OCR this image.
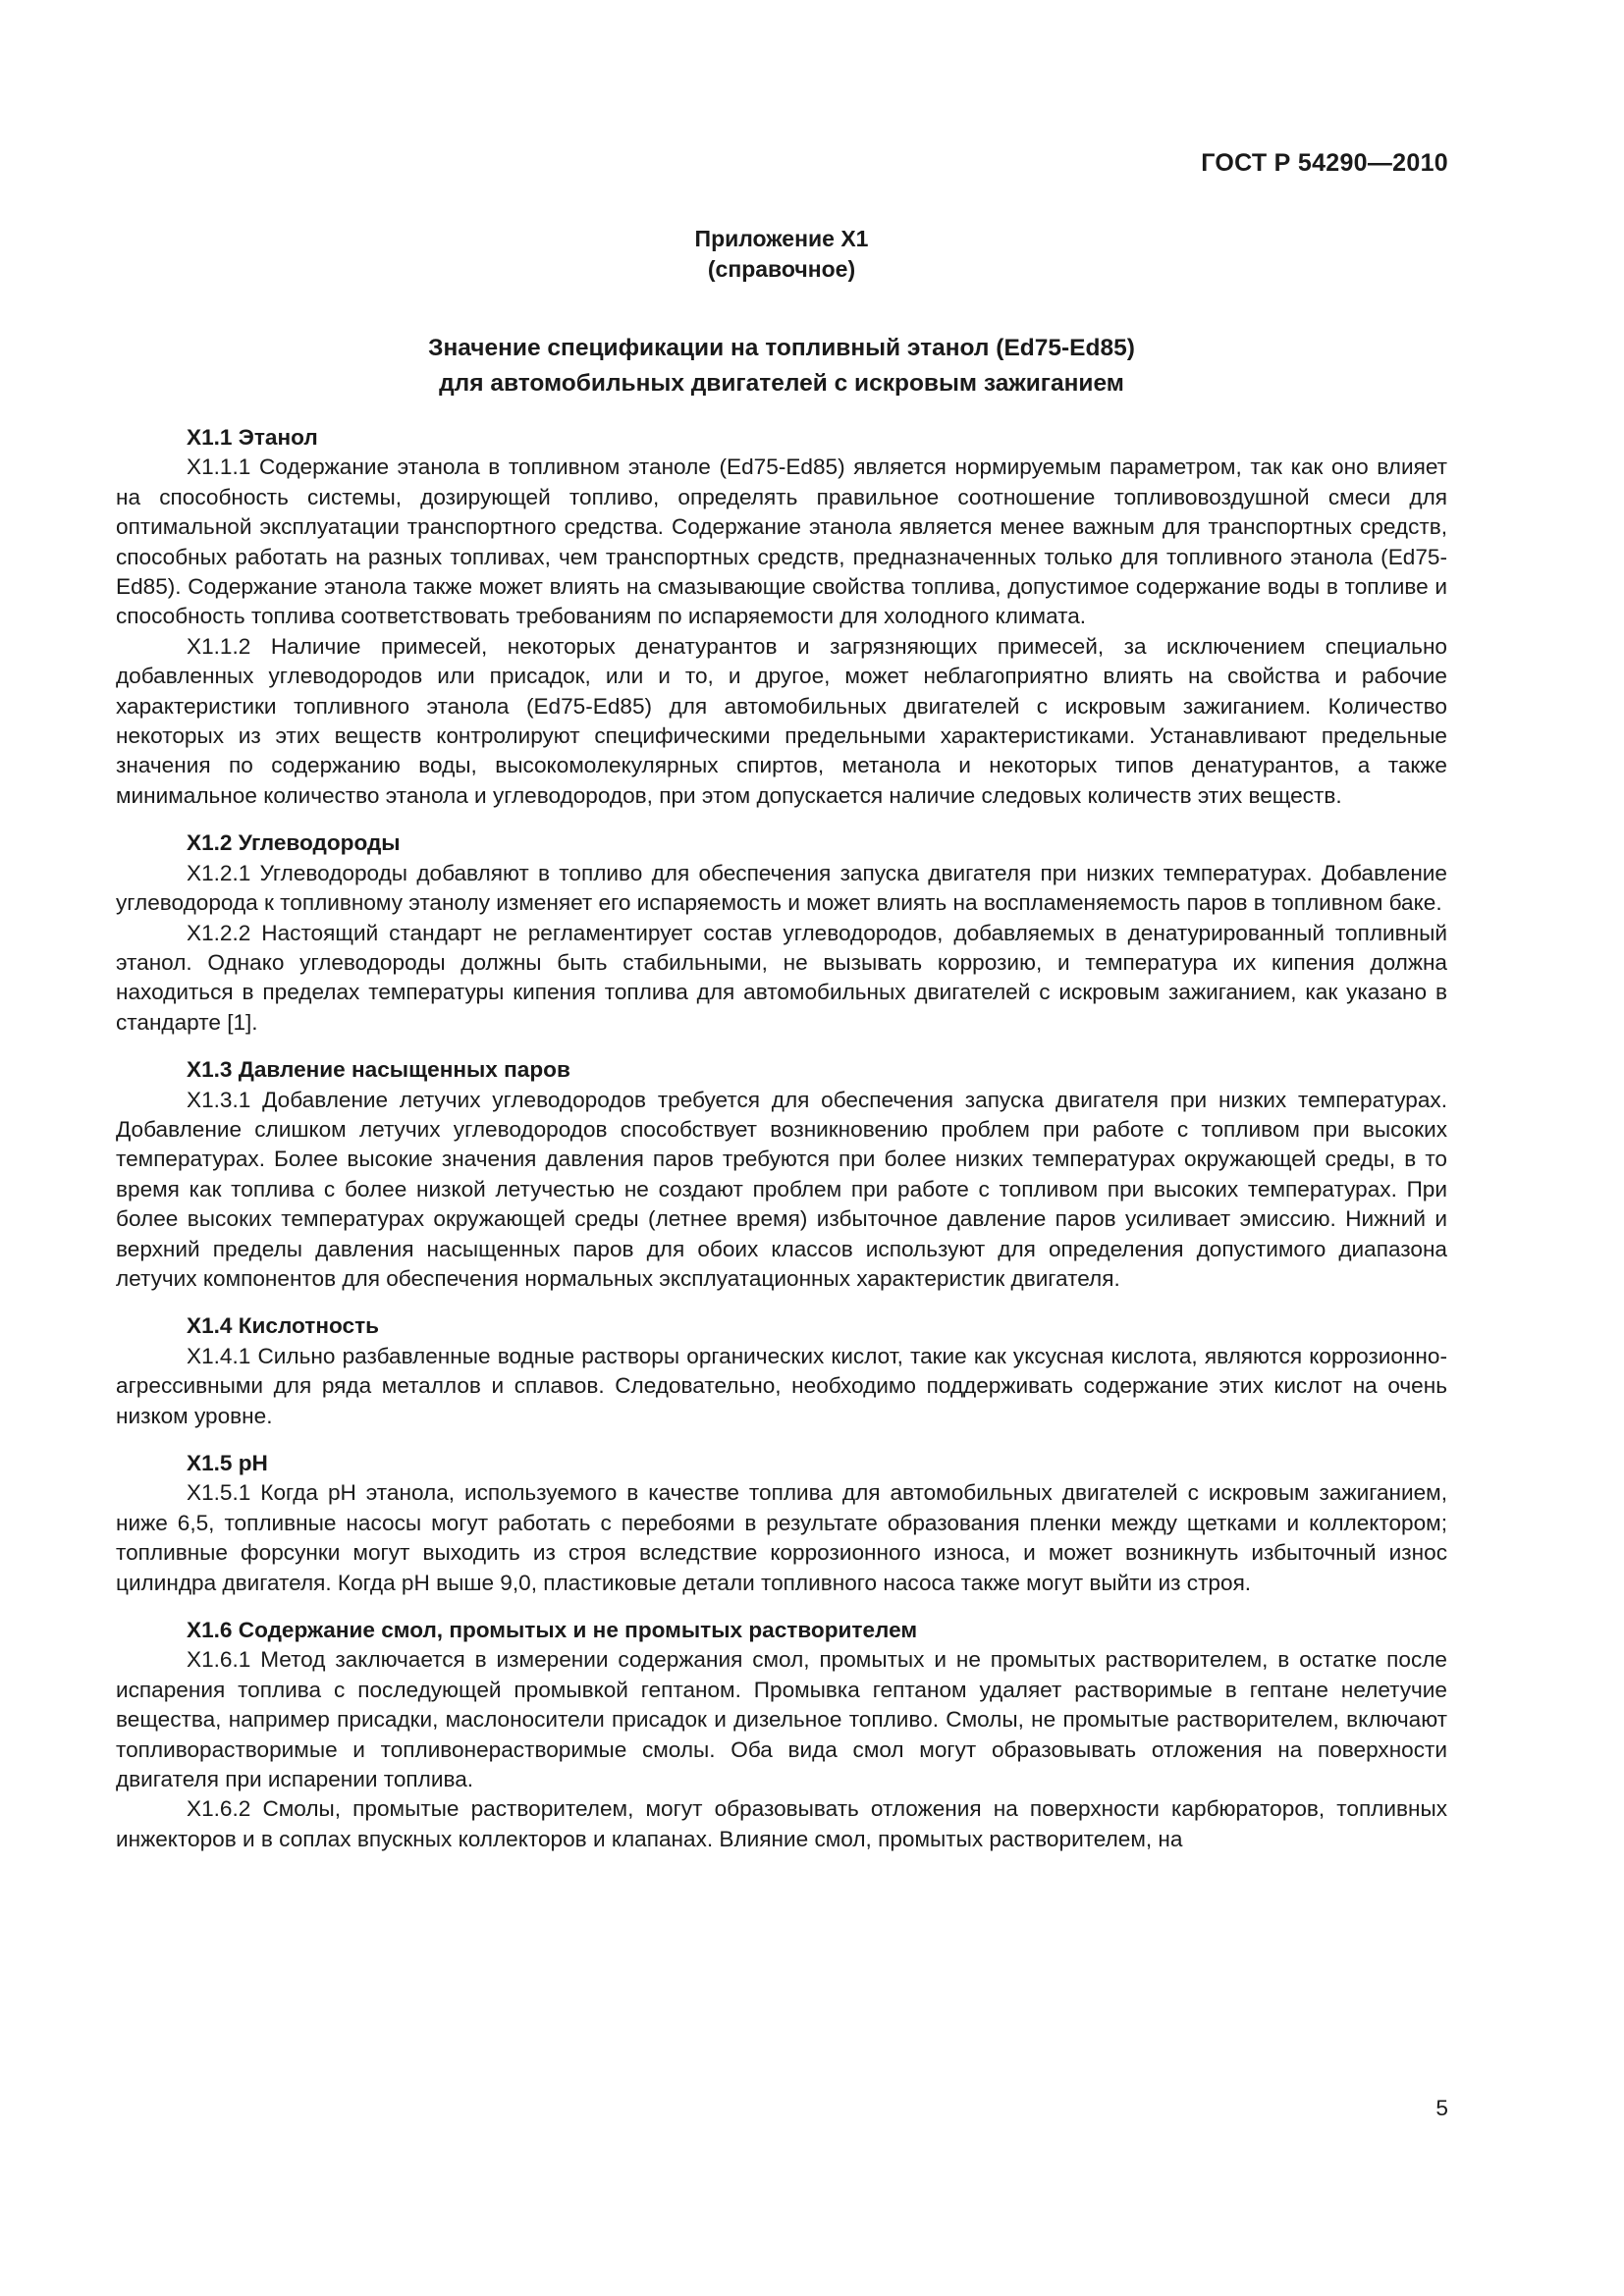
ГОСТ Р 54290—2010
Приложение Х1
(справочное)
Значение спецификации на топливный этанол (Ed75-Ed85)
для автомобильных двигателей с искровым зажиганием
Х1.1 Этанол

Х1.1.1 Содержание этанола в топливном этаноле (Ed75-Ed85) является нормируемым параметром, так как оно влияет на способность системы, дозирующей топливо, определять правильное соотношение топливовоздушной смеси для оптимальной эксплуатации транспортного средства. Содержание этанола является менее важным для транспортных средств, способных работать на разных топливах, чем транспортных средств, предназначенных только для топливного этанола (Ed75-Ed85). Содержание этанола также может влиять на смазывающие свойства топлива, допустимое содержание воды в топливе и способность топлива соответствовать требованиям по испаряемости для холодного климата.

Х1.1.2 Наличие примесей, некоторых денатурантов и загрязняющих примесей, за исключением специально добавленных углеводородов или присадок, или и то, и другое, может неблагоприятно влиять на свойства и рабочие характеристики топливного этанола (Ed75-Ed85) для автомобильных двигателей с искровым зажиганием. Количество некоторых из этих веществ контролируют специфическими предельными характеристиками. Устанавливают предельные значения по содержанию воды, высокомолекулярных спиртов, метанола и некоторых типов денатурантов, а также минимальное количество этанола и углеводородов, при этом допускается наличие следовых количеств этих веществ.

Х1.2 Углеводороды

Х1.2.1 Углеводороды добавляют в топливо для обеспечения запуска двигателя при низких температурах. Добавление углеводорода к топливному этанолу изменяет его испаряемость и может влиять на воспламеняемость паров в топливном баке.

Х1.2.2 Настоящий стандарт не регламентирует состав углеводородов, добавляемых в денатурированный топливный этанол. Однако углеводороды должны быть стабильными, не вызывать коррозию, и температура их кипения должна находиться в пределах температуры кипения топлива для автомобильных двигателей с искровым зажиганием, как указано в стандарте [1].

Х1.3 Давление насыщенных паров

Х1.3.1 Добавление летучих углеводородов требуется для обеспечения запуска двигателя при низких температурах. Добавление слишком летучих углеводородов способствует возникновению проблем при работе с топливом при высоких температурах. Более высокие значения давления паров требуются при более низких температурах окружающей среды, в то время как топлива с более низкой летучестью не создают проблем при работе с топливом при высоких температурах. При более высоких температурах окружающей среды (летнее время) избыточное давление паров усиливает эмиссию. Нижний и верхний пределы давления насыщенных паров для обоих классов используют для определения допустимого диапазона летучих компонентов для обеспечения нормальных эксплуатационных характеристик двигателя.

Х1.4 Кислотность

Х1.4.1 Сильно разбавленные водные растворы органических кислот, такие как уксусная кислота, являются коррозионно-агрессивными для ряда металлов и сплавов. Следовательно, необходимо поддерживать содержание этих кислот на очень низком уровне.

Х1.5 рН

Х1.5.1 Когда рН этанола, используемого в качестве топлива для автомобильных двигателей с искровым зажиганием, ниже 6,5, топливные насосы могут работать с перебоями в результате образования пленки между щетками и коллектором; топливные форсунки могут выходить из строя вследствие коррозионного износа, и может возникнуть избыточный износ цилиндра двигателя. Когда рН выше 9,0, пластиковые детали топливного насоса также могут выйти из строя.

Х1.6 Содержание смол, промытых и не промытых растворителем

Х1.6.1 Метод заключается в измерении содержания смол, промытых и не промытых растворителем, в остатке после испарения топлива с последующей промывкой гептаном. Промывка гептаном удаляет растворимые в гептане нелетучие вещества, например присадки, маслоносители присадок и дизельное топливо. Смолы, не промытые растворителем, включают топливорастворимые и топливонерастворимые смолы. Оба вида смол могут образовывать отложения на поверхности двигателя при испарении топлива.

Х1.6.2 Смолы, промытые растворителем, могут образовывать отложения на поверхности карбюраторов, топливных инжекторов и в соплах впускных коллекторов и клапанах. Влияние смол, промытых растворителем, на

5
